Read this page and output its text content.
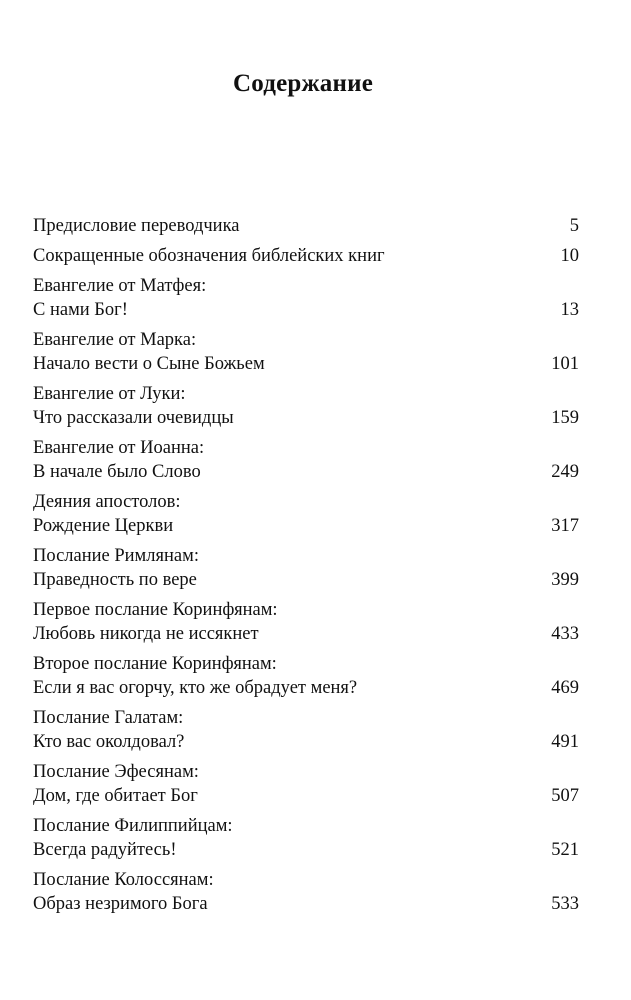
Содержание
Предисловие переводчика	5
Сокращенные обозначения библейских книг	10
Евангелие от Матфея:
С нами Бог!	13
Евангелие от Марка:
Начало вести о Сыне Божьем	101
Евангелие от Луки:
Что рассказали очевидцы	159
Евангелие от Иоанна:
В начале было Слово	249
Деяния апостолов:
Рождение Церкви	317
Послание Римлянам:
Праведность по вере	399
Первое послание Коринфянам:
Любовь никогда не иссякнет	433
Второе послание Коринфянам:
Если я вас огорчу, кто же обрадует меня?	469
Послание Галатам:
Кто вас околдовал?	491
Послание Эфесянам:
Дом, где обитает Бог	507
Послание Филиппийцам:
Всегда радуйтесь!	521
Послание Колоссянам:
Образ незримого Бога	533
